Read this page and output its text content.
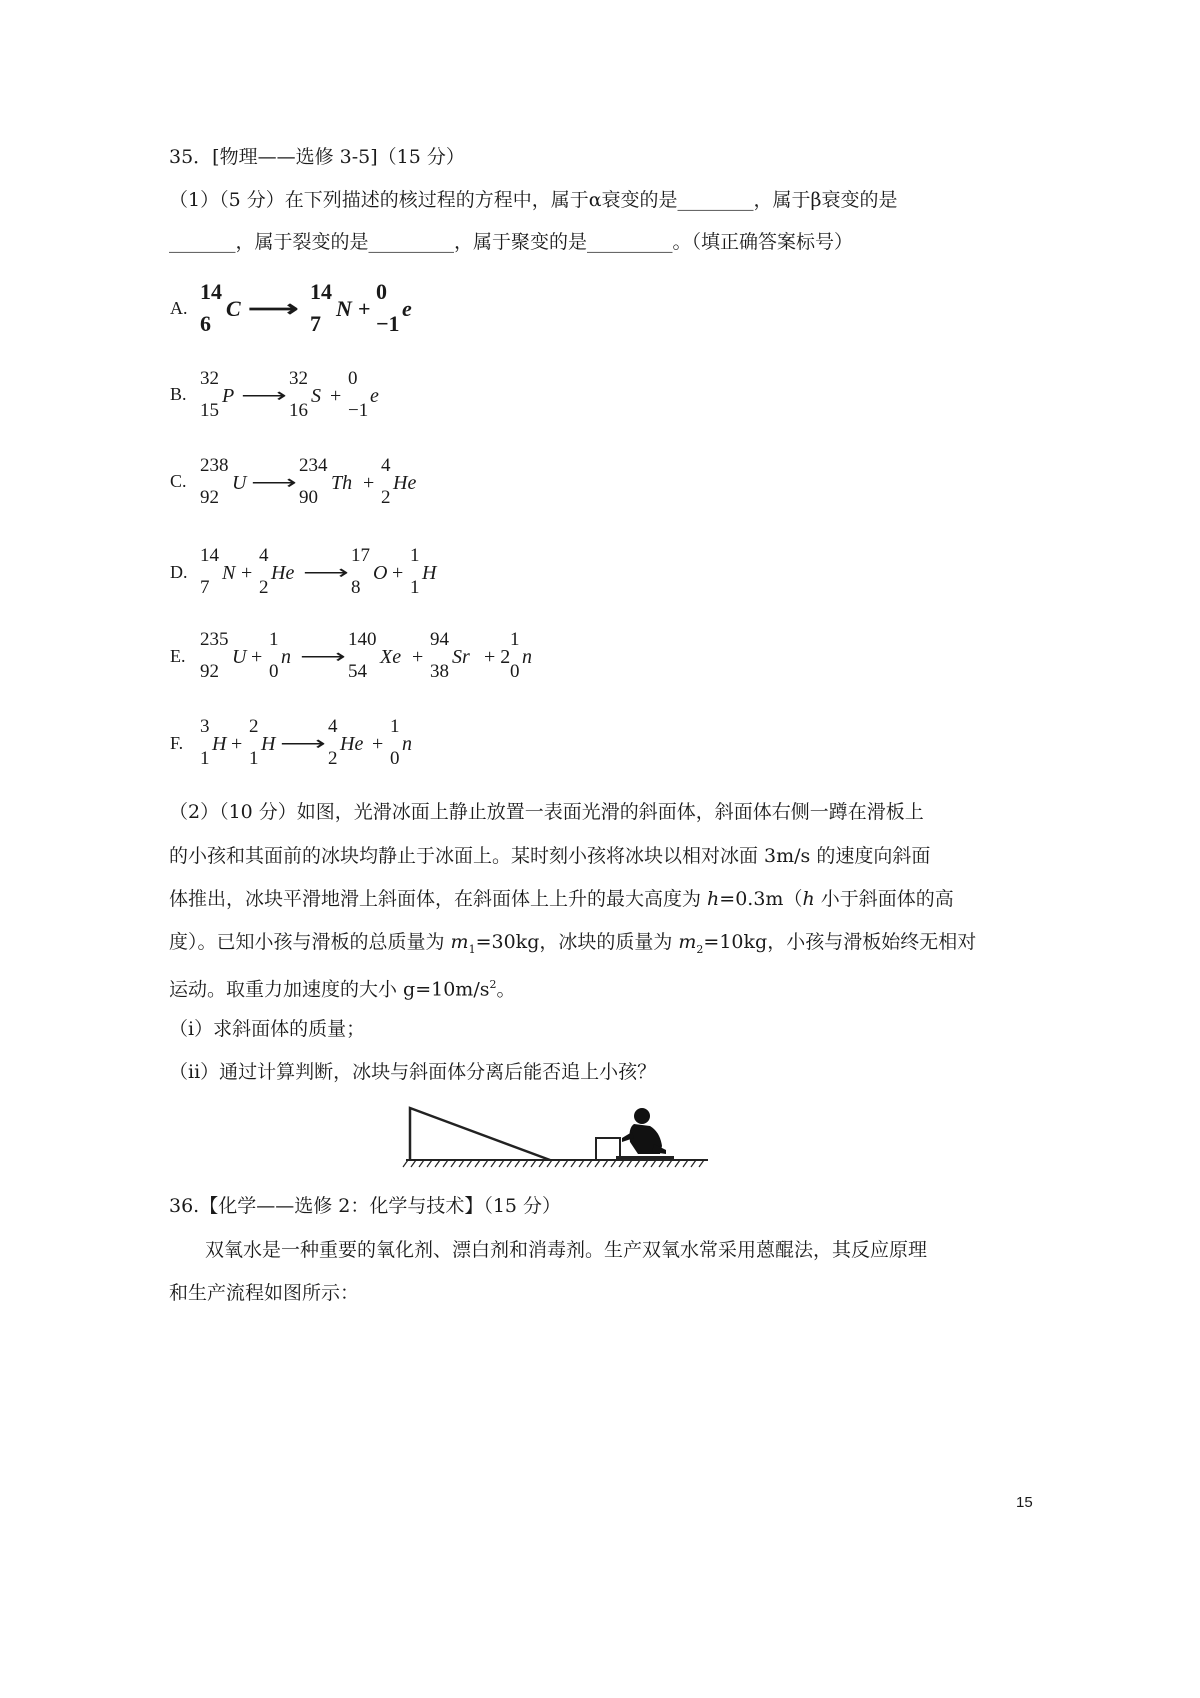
35．[物理——选修 3-5]（15 分）
（1）（5 分）在下列描述的核过程的方程中，属于α衰变的是________，属于β衰变的是
_______，属于裂变的是_________，属于聚变的是_________。（填正确答案标号）
A.
14
6
C ⟶
14
7
N +
0
−1
e
B.
32
15
P ⟶
32
16
S +
0
−1
e
C.
238
92
U ⟶
234
90
Th +
4
2
He
D.
14
7
N +
4
2
He ⟶
17
8
O +
1
1
H
E.
235
92
U +
1
0
n ⟶
140
54
Xe +
94
38
Sr + 2
1
0
n
F.
3
1
H +
2
1
H ⟶
4
2
He +
1
0
n
（2）（10 分）如图，光滑冰面上静止放置一表面光滑的斜面体，斜面体右侧一蹲在滑板上
的小孩和其面前的冰块均静止于冰面上。某时刻小孩将冰块以相对冰面 3m/s 的速度向斜面
体推出，冰块平滑地滑上斜面体，在斜面体上上升的最大高度为 h=0.3m（h 小于斜面体的高
度）。已知小孩与滑板的总质量为 $m_1=30kg$，冰块的质量为 $m_2=10kg$，小孩与滑板始终无相对
运动。取重力加速度的大小 $g=10m/s^2$。
（i）求斜面体的质量；
（ii）通过计算判断，冰块与斜面体分离后能否追上小孩？
36.【化学——选修 2：化学与技术】（15 分）
双氧水是一种重要的氧化剂、漂白剂和消毒剂。生产双氧水常采用蒽醌法，其反应原理
和生产流程如图所示：
15
